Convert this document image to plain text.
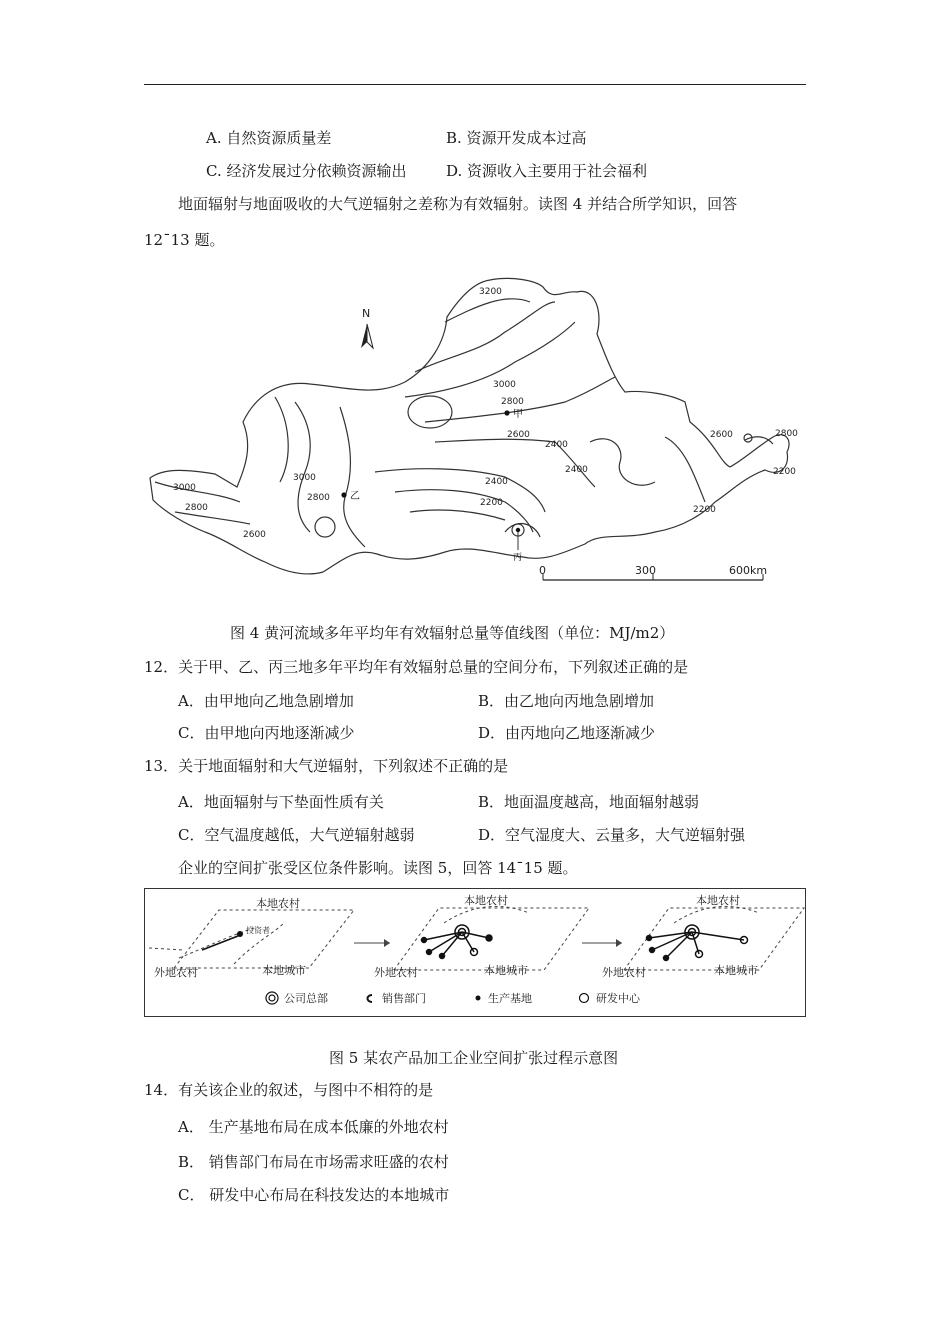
A. 自然资源质量差	B. 资源开发成本过高
C. 经济发展过分依赖资源输出	D. 资源收入主要用于社会福利
地面辐射与地面吸收的大气逆辐射之差称为有效辐射。读图 4 并结合所学知识，回答
12¯13 题。
3200
3000
2800
2600
2400
2400
2200
3000
2800
2600
3000
2800
2400
2200
2600	2800
2200
N
甲
乙
丙
0	300	600km
图 4 黄河流域多年平均年有效辐射总量等值线图（单位：MJ/m2）
12．关于甲、乙、丙三地多年平均年有效辐射总量的空间分布，下列叙述正确的是
A．由甲地向乙地急剧增加	B．由乙地向丙地急剧增加
C．由甲地向丙地逐渐减少	D．由丙地向乙地逐渐减少
13．关于地面辐射和大气逆辐射，下列叙述不正确的是
A．地面辐射与下垫面性质有关	B．地面温度越高，地面辐射越弱
C．空气温度越低，大气逆辐射越弱	D．空气湿度大、云量多，大气逆辐射强
企业的空间扩张受区位条件影响。读图 5，回答 14¯15 题。
本地农村
外地农村	本地城市
投资者
本地农村
外地农村	本地城市
本地农村
外地农村	本地城市
公司总部	销售部门	生产基地	研发中心
图 5 某农产品加工企业空间扩张过程示意图
14．有关该企业的叙述，与图中不相符的是
A． 生产基地布局在成本低廉的外地农村
B． 销售部门布局在市场需求旺盛的农村
C． 研发中心布局在科技发达的本地城市
